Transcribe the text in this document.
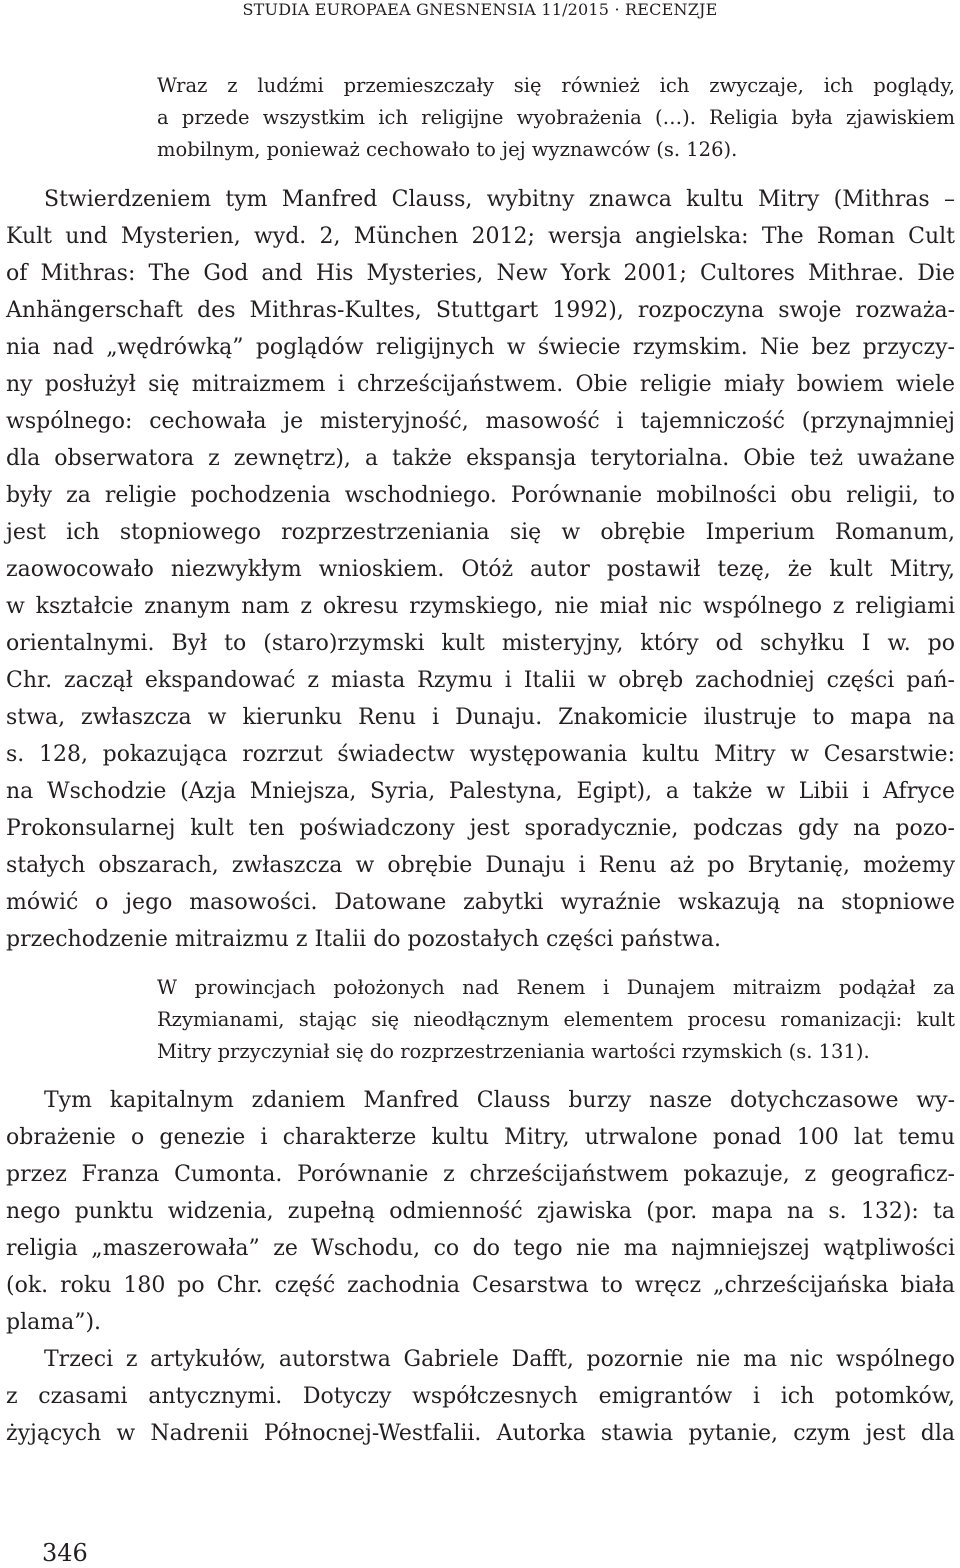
STUDIA EUROPAEA GNESNENSIA 11/2015 · RECENZJE
Wraz z ludźmi przemieszczały się również ich zwyczaje, ich poglądy,
a przede wszystkim ich religijne wyobrażenia (…). Religia była zjawiskiem
mobilnym, ponieważ cechowało to jej wyznawców (s. 126).
Stwierdzeniem tym Manfred Clauss, wybitny znawca kultu Mitry (Mithras –
Kult und Mysterien, wyd. 2, München 2012; wersja angielska: The Roman Cult
of Mithras: The God and His Mysteries, New York 2001; Cultores Mithrae. Die
Anhängerschaft des Mithras-Kultes, Stuttgart 1992), rozpoczyna swoje rozważa-
nia nad „wędrówką” poglądów religijnych w świecie rzymskim. Nie bez przyczy-
ny posłużył się mitraizmem i chrześcijaństwem. Obie religie miały bowiem wiele
wspólnego: cechowała je misteryjność, masowość i tajemniczość (przynajmniej
dla obserwatora z zewnętrz), a także ekspansja terytorialna. Obie też uważane
były za religie pochodzenia wschodniego. Porównanie mobilności obu religii, to
jest ich stopniowego rozprzestrzeniania się w obrębie Imperium Romanum,
zaowocowało niezwykłym wnioskiem. Otóż autor postawił tezę, że kult Mitry,
w kształcie znanym nam z okresu rzymskiego, nie miał nic wspólnego z religiami
orientalnymi. Był to (staro)rzymski kult misteryjny, który od schyłku I w. po
Chr. zaczął ekspandować z miasta Rzymu i Italii w obręb zachodniej części pań-
stwa, zwłaszcza w kierunku Renu i Dunaju. Znakomicie ilustruje to mapa na
s. 128, pokazująca rozrzut świadectw występowania kultu Mitry w Cesarstwie:
na Wschodzie (Azja Mniejsza, Syria, Palestyna, Egipt), a także w Libii i Afryce
Prokonsularnej kult ten poświadczony jest sporadycznie, podczas gdy na pozo-
stałych obszarach, zwłaszcza w obrębie Dunaju i Renu aż po Brytanię, możemy
mówić o jego masowości. Datowane zabytki wyraźnie wskazują na stopniowe
przechodzenie mitraizmu z Italii do pozostałych części państwa.
W prowincjach położonych nad Renem i Dunajem mitraizm podążał za
Rzymianami, stając się nieodłącznym elementem procesu romanizacji: kult
Mitry przyczyniał się do rozprzestrzeniania wartości rzymskich (s. 131).
Tym kapitalnym zdaniem Manfred Clauss burzy nasze dotychczasowe wy-
obrażenie o genezie i charakterze kultu Mitry, utrwalone ponad 100 lat temu
przez Franza Cumonta. Porównanie z chrześcijaństwem pokazuje, z geograficz-
nego punktu widzenia, zupełną odmienność zjawiska (por. mapa na s. 132): ta
religia „maszerowała” ze Wschodu, co do tego nie ma najmniejszej wątpliwości
(ok. roku 180 po Chr. część zachodnia Cesarstwa to wręcz „chrześcijańska biała
plama”).
Trzeci z artykułów, autorstwa Gabriele Dafft, pozornie nie ma nic wspólnego
z czasami antycznymi. Dotyczy współczesnych emigrantów i ich potomków,
żyjących w Nadrenii Północnej-Westfalii. Autorka stawia pytanie, czym jest dla
346
